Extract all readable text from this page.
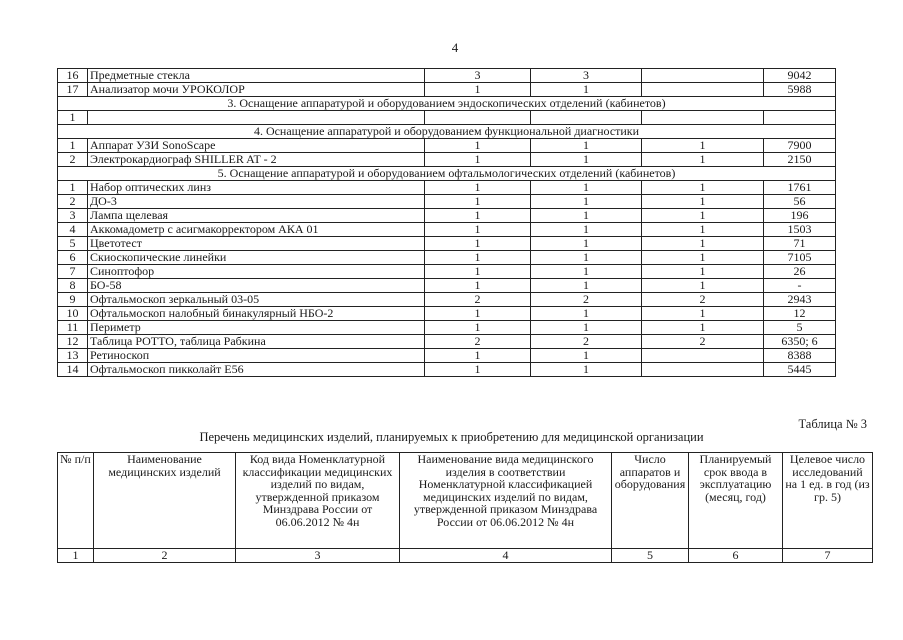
4
16	Предметные стекла	3	3		9042
17	Анализатор мочи УРОКОЛОР	1	1		5988
3. Оснащение аппаратурой и оборудованием эндоскопических отделений (кабинетов)					
1					
4. Оснащение аппаратурой и оборудованием функциональной диагностики					
1	Аппарат УЗИ SonoScape	1	1	1	7900
2	Электрокардиограф SHILLER AT - 2	1	1	1	2150
5. Оснащение аппаратурой и оборудованием офтальмологических отделений (кабинетов)					
1	Набор оптических линз	1	1	1	1761
2	ДО-3	1	1	1	56
3	Лампа щелевая	1	1	1	196
4	Аккомадометр с асигмакорректором АКА 01	1	1	1	1503
5	Цветотест	1	1	1	71
6	Скиоскопические линейки	1	1	1	7105
7	Синоптофор	1	1	1	26
8	БО-58	1	1	1	-
9	Офтальмоскоп зеркальный 03-05	2	2	2	2943
10	Офтальмоскоп налобный бинакулярный НБО-2	1	1	1	12
11	Периметр	1	1	1	5
12	Таблица РОТТО, таблица Рабкина	2	2	2	6350; 6
13	Ретиноскоп	1	1		8388
14	Офтальмоскоп пикколайт Е56	1	1		5445
Таблица № 3
Перечень медицинских изделий, планируемых к приобретению для медицинской организации
№ п/п	Наименование медицинских изделий	Код вида Номенклатурной классификации медицинских изделий по видам, утвержденной приказом Минздрава России от 06.06.2012 № 4н	Наименование вида медицинского изделия в соответствии Номенклатурной классификацией медицинских изделий по видам, утвержденной приказом Минздрава России от 06.06.2012 № 4н	Число аппаратов и оборудования	Планируемый срок ввода в эксплуатацию (месяц, год)	Целевое число исследований на 1 ед. в год (из гр. 5)
1	2	3	4	5	6	7
